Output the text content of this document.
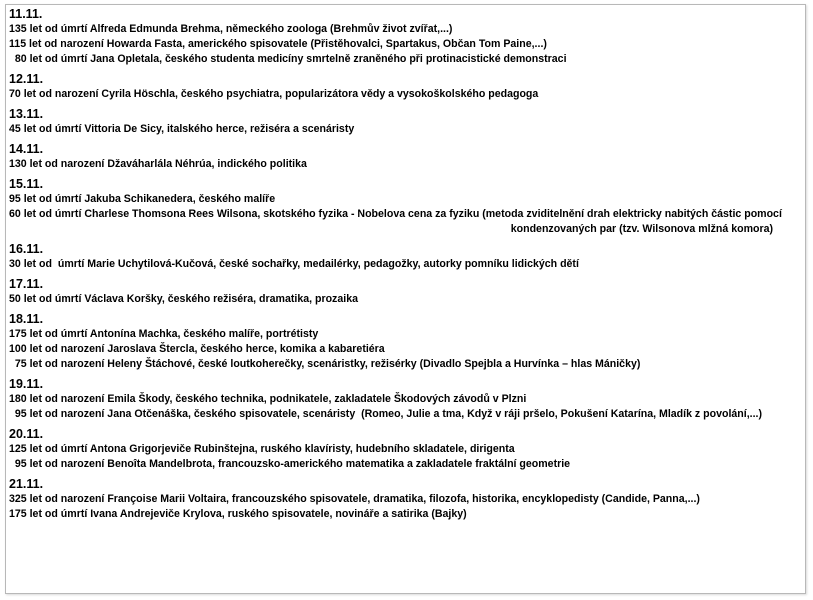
11.11.
135 let od úmrtí Alfreda Edmunda Brehma, německého zoologa (Brehmův život zvířat,...)
115 let od narození Howarda Fasta, amerického spisovatele (Přistěhovalci, Spartakus, Občan Tom Paine,...)
80 let od úmrtí Jana Opletala, českého studenta medicíny smrtelně zraněného při protinacistické demonstraci
12.11.
70 let od narození Cyrila Höschla, českého psychiatra, popularizátora vědy a vysokoškolského pedagoga
13.11.
45 let od úmrtí Vittoria De Sicy, italského herce, režiséra a scenáristy
14.11.
130 let od narození Džaváharlála Néhrúa, indického politika
15.11.
95 let od úmrtí Jakuba Schikanedera, českého malíře
60 let od úmrtí Charlese Thomsona Rees Wilsona, skotského fyzika - Nobelova cena za fyziku (metoda zviditelnění drah elektricky nabitých částic pomocí
kondenzovaných par (tzv. Wilsonova mlžná komora)
16.11.
30 let od  úmrtí Marie Uchytilová-Kučová, české sochařky, medailérky, pedagožky, autorky pomníku lidických dětí
17.11.
50 let od úmrtí Václava Koršky, českého režiséra, dramatika, prozaika
18.11.
175 let od úmrtí Antonína Machka, českého malíře, portrétisty
100 let od narození Jaroslava Štercla, českého herce, komika a kabaretiéra
75 let od narození Heleny Štáchové, české loutkoherečky, scenáristky, režisérky (Divadlo Spejbla a Hurvínka – hlas Máničky)
19.11.
180 let od narození Emila Škody, českého technika, podnikatele, zakladatele Škodových závodů v Plzni
95 let od narození Jana Otčenáška, českého spisovatele, scenáristy  (Romeo, Julie a tma, Když v ráji pršelo, Pokušení Katarína, Mladík z povolání,...)
20.11.
125 let od úmrtí Antona Grigorjeviče Rubinštejna, ruského klavíristy, hudebního skladatele, dirigenta
95 let od narození Benoîta Mandelbrota, francouzsko-amerického matematika a zakladatele fraktální geometrie
21.11.
325 let od narození Françoise Marii Voltaira, francouzského spisovatele, dramatika, filozofa, historika, encyklopedisty (Candide, Panna,...)
175 let od úmrtí Ivana Andrejeviče Krylova, ruského spisovatele, novináře a satirika (Bajky)
